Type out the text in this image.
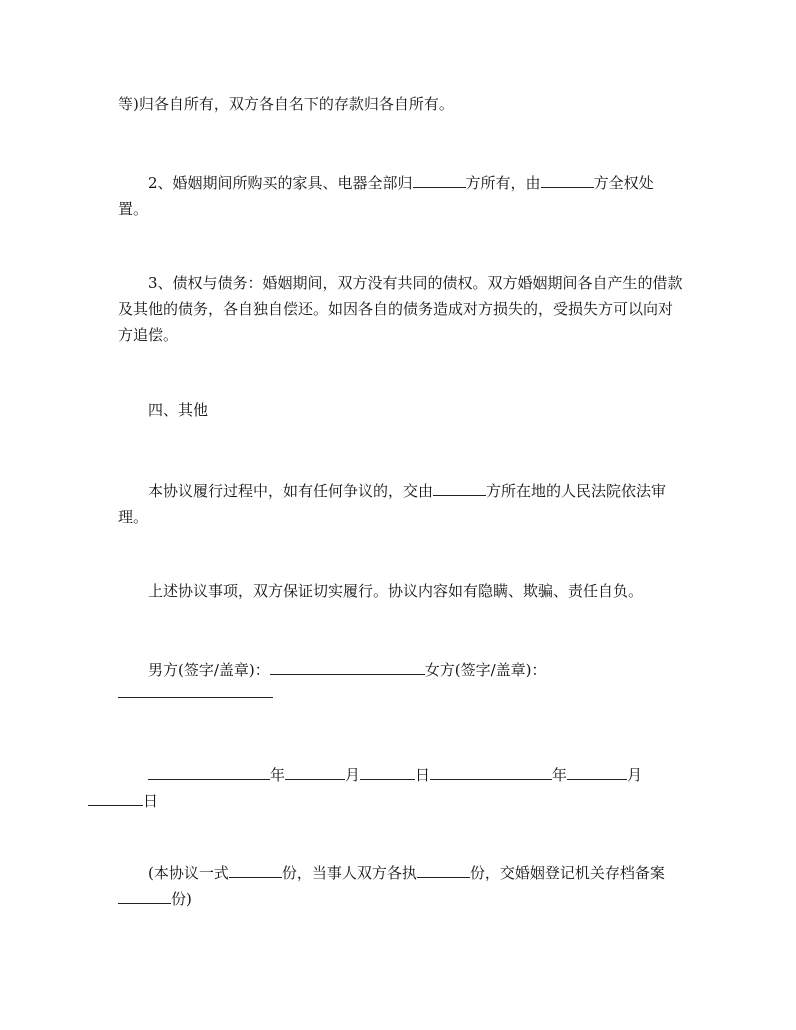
等)归各自所有，双方各自名下的存款归各自所有。

2、婚姻期间所购买的家具、电器全部归	方所有，由	方全权处置。

3、债权与债务：婚姻期间，双方没有共同的债权。双方婚姻期间各自产生的借款及其他的债务，各自独自偿还。如因各自的债务造成对方损失的，受损失方可以向对方追偿。

四、其他

本协议履行过程中，如有任何争议的，交由	方所在地的人民法院依法审理。

上述协议事项，双方保证切实履行。协议内容如有隐瞒、欺骗、责任自负。

男方(签字/盖章)：	女方(签字/盖章)：

年	月	日	年	月
日

(本协议一式	份，当事人双方各执	份，交婚姻登记机关存档备案份)
